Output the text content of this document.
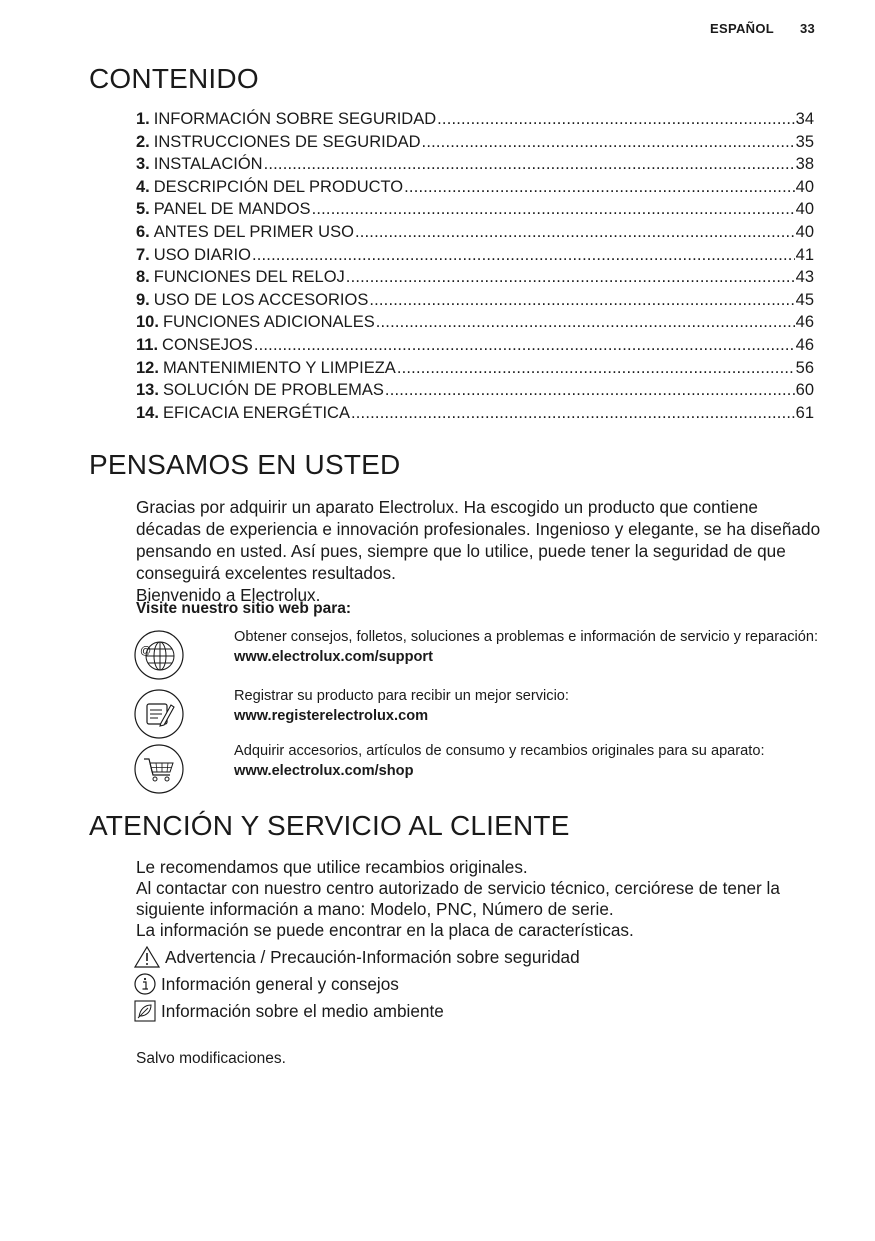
ESPAÑOL 33
CONTENIDO
1. INFORMACIÓN SOBRE SEGURIDAD .....	34
2. INSTRUCCIONES DE SEGURIDAD .....	35
3. INSTALACIÓN .....	38
4. DESCRIPCIÓN DEL PRODUCTO .....	40
5. PANEL DE MANDOS .....	40
6. ANTES DEL PRIMER USO .....	40
7. USO DIARIO .....	41
8. FUNCIONES DEL RELOJ .....	43
9. USO DE LOS ACCESORIOS .....	45
10. FUNCIONES ADICIONALES .....	46
11. CONSEJOS .....	46
12. MANTENIMIENTO Y LIMPIEZA .....	56
13. SOLUCIÓN DE PROBLEMAS .....	60
14. EFICACIA ENERGÉTICA .....	61
PENSAMOS EN USTED

Gracias por adquirir un aparato Electrolux. Ha escogido un producto que contiene décadas de experiencia e innovación profesionales. Ingenioso y elegante, se ha diseñado pensando en usted. Así pues, siempre que lo utilice, puede tener la seguridad de que conseguirá excelentes resultados.
Bienvenido a Electrolux.

Visite nuestro sitio web para:
@
Obtener consejos, folletos, soluciones a problemas e información de servicio y reparación:
www.electrolux.com/support
Registrar su producto para recibir un mejor servicio:
www.registerelectrolux.com
Adquirir accesorios, artículos de consumo y recambios originales para su aparato:
www.electrolux.com/shop
ATENCIÓN Y SERVICIO AL CLIENTE

Le recomendamos que utilice recambios originales.
Al contactar con nuestro centro autorizado de servicio técnico, cerciórese de tener la siguiente información a mano: Modelo, PNC, Número de serie.
La información se puede encontrar en la placa de características.

Advertencia / Precaución-Información sobre seguridad
Información general y consejos
Información sobre el medio ambiente
Salvo modificaciones.
